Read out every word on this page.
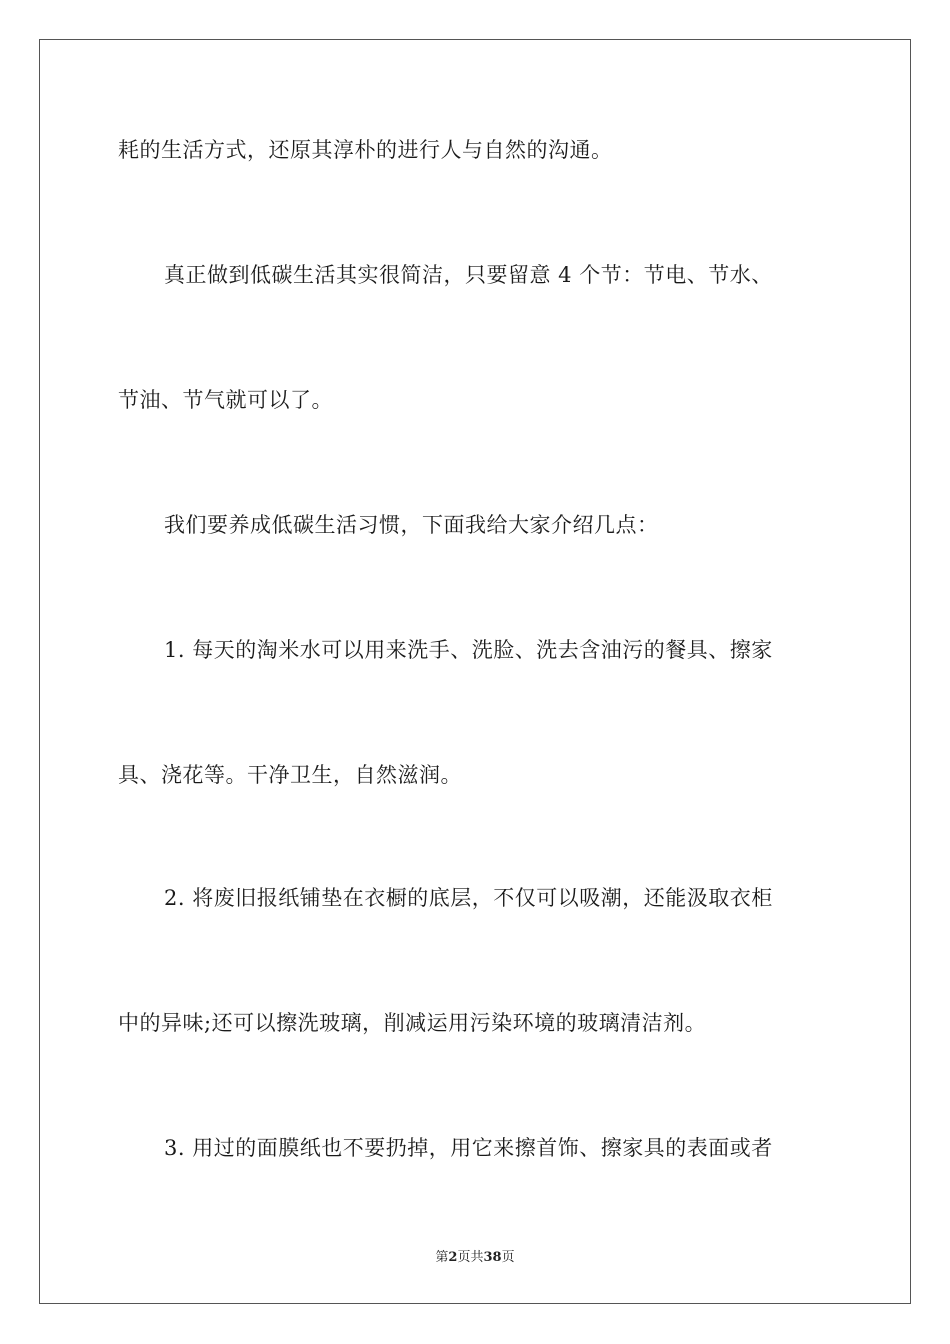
耗的生活方式，还原其淳朴的进行人与自然的沟通。
真正做到低碳生活其实很简洁，只要留意 4 个节：节电、节水、
节油、节气就可以了。
我们要养成低碳生活习惯，下面我给大家介绍几点：
1. 每天的淘米水可以用来洗手、洗脸、洗去含油污的餐具、擦家
具、浇花等。干净卫生，自然滋润。
2. 将废旧报纸铺垫在衣橱的底层，不仅可以吸潮，还能汲取衣柜
中的异味;还可以擦洗玻璃，削减运用污染环境的玻璃清洁剂。
3. 用过的面膜纸也不要扔掉，用它来擦首饰、擦家具的表面或者
第2页共38页
